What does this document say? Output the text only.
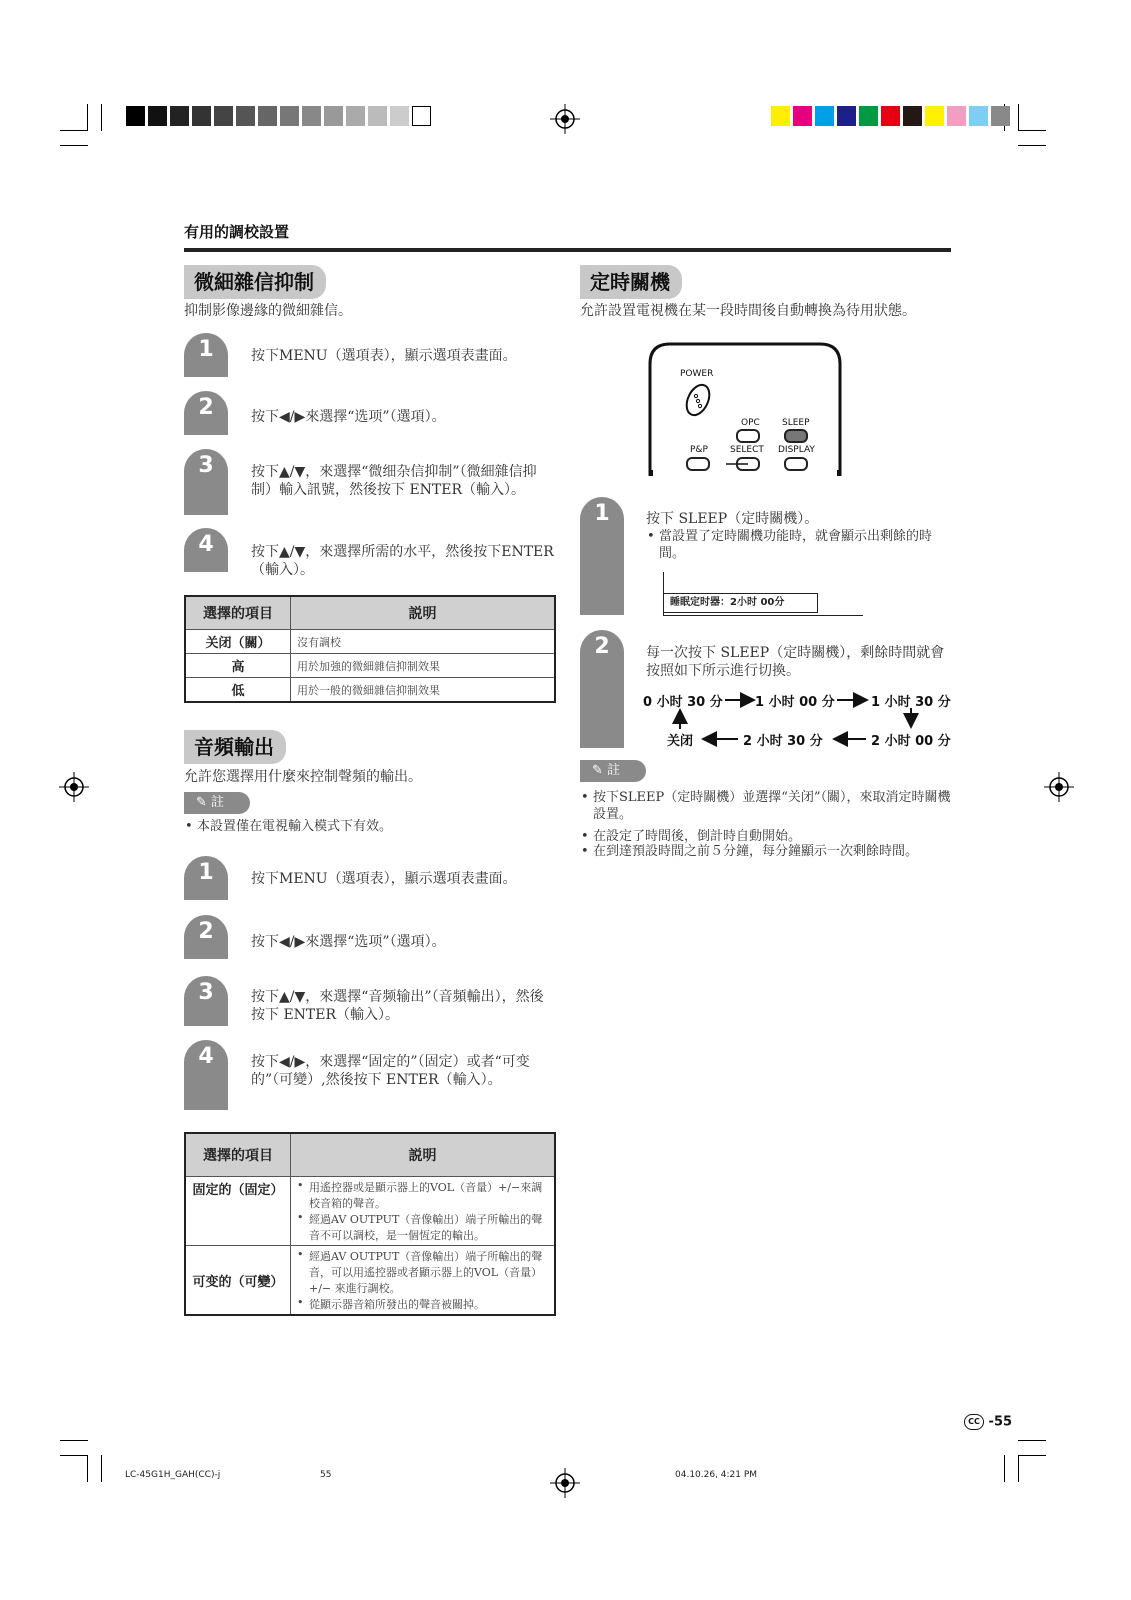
有用的調校設置
微細雜信抑制
抑制影像邊緣的微細雜信。
1	按下MENU（選項表），顯示選項表畫面。
2	按下◀/▶來選擇“选项”（選項）。
3	按下▲/▼，來選擇“微细杂信抑制”（微細雜信抑制）輸入訊號，然後按下 ENTER（輸入）。
4	按下▲/▼，來選擇所需的水平，然後按下ENTER（輸入）。
選擇的項目	説明
关闭（關）	沒有調校
高	用於加強的微細雜信抑制效果
低	用於一般的微細雜信抑制效果
音頻輸出
允許您選擇用什麼來控制聲頻的輸出。
✎ 註
• 本設置僅在電視輸入模式下有效。
1	按下MENU（選項表），顯示選項表畫面。
2	按下◀/▶來選擇“选项”（選項）。
3	按下▲/▼，來選擇“音频输出”（音頻輸出），然後按下 ENTER（輸入）。
4	按下◀/▶，來選擇“固定的”（固定）或者“可变的”（可變）,然後按下 ENTER（輸入）。
選擇的項目	説明
固定的（固定）	• 用遙控器或是顯示器上的VOL（音量）+/−來調校音箱的聲音。
• 經過AV OUTPUT（音像輸出）端子所輸出的聲音不可以調校，是一個恆定的輸出。

可变的（可變）	• 經過AV OUTPUT（音像輸出）端子所輸出的聲音，可以用遙控器或者顯示器上的VOL（音量）+/− 來進行調校。
• 從顯示器音箱所發出的聲音被關掉。
定時關機
允許設置電視機在某一段時間後自動轉換為待用狀態。
POWER
OPC SLEEP
P&P SELECT DISPLAY
1	按下 SLEEP（定時關機）。
• 當設置了定時關機功能時，就會顯示出剩餘的時間。
睡眠定时器：2小时 00分
2	每一次按下 SLEEP（定時關機），剩餘時間就會按照如下所示進行切換。
0 小时 30 分 1 小时 00 分	1 小时 30 分
2 小时 00 分
2 小时 30 分
关闭
✎ 註
• 按下SLEEP（定時關機）並選擇“关闭”（關），來取消定時關機設置。
• 在設定了時間後，倒計時自動開始。
• 在到達預設時間之前５分鐘，每分鐘顯示一次剩餘時間。
CC -55
LC-45G1H_GAH(CC)-j	55	04.10.26, 4:21 PM
